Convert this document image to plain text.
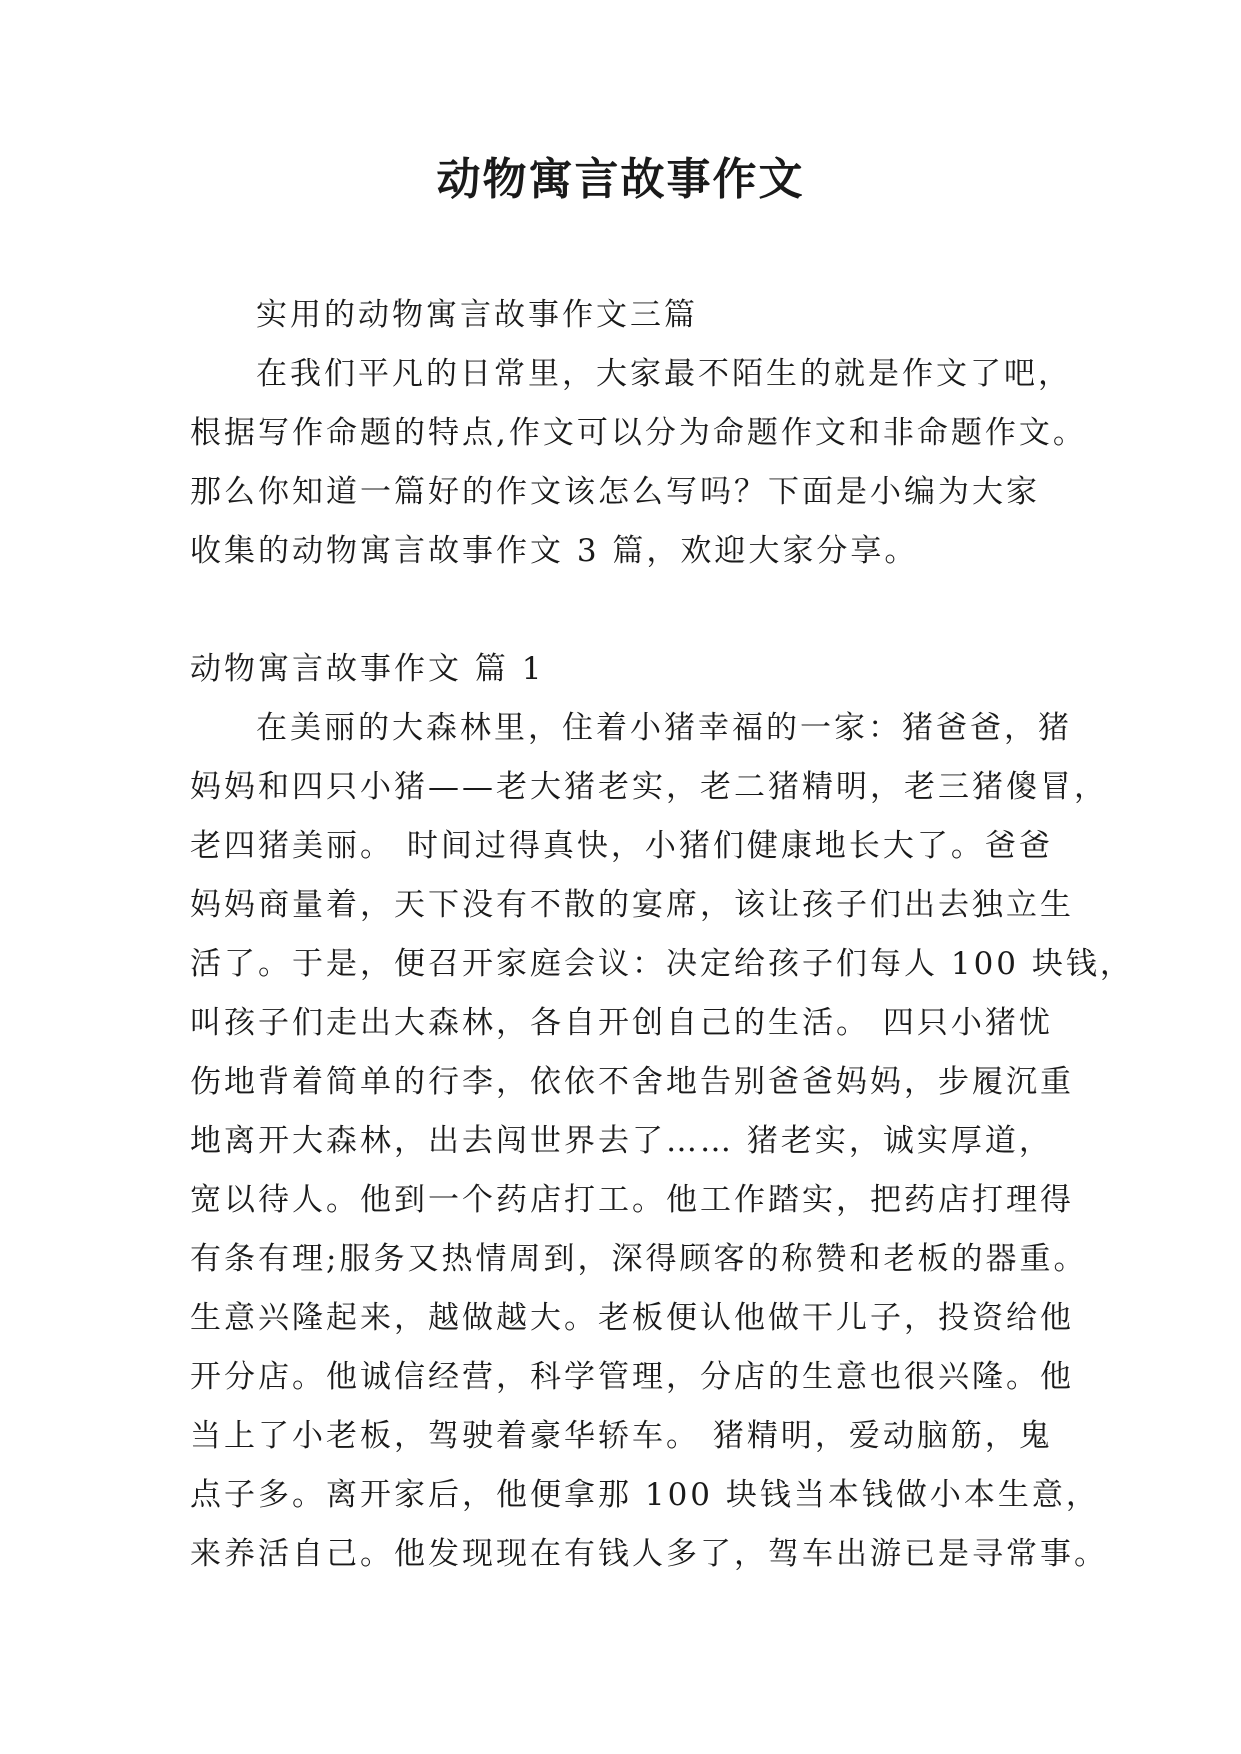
动物寓言故事作文
实用的动物寓言故事作文三篇
在我们平凡的日常里，大家最不陌生的就是作文了吧，
根据写作命题的特点,作文可以分为命题作文和非命题作文。
那么你知道一篇好的作文该怎么写吗？下面是小编为大家
收集的动物寓言故事作文 3 篇，欢迎大家分享。
动物寓言故事作文 篇 1
在美丽的大森林里，住着小猪幸福的一家：猪爸爸，猪
妈妈和四只小猪——老大猪老实，老二猪精明，老三猪傻冒，
老四猪美丽。 时间过得真快，小猪们健康地长大了。爸爸
妈妈商量着，天下没有不散的宴席，该让孩子们出去独立生
活了。于是，便召开家庭会议：决定给孩子们每人 100 块钱，
叫孩子们走出大森林，各自开创自己的生活。 四只小猪忧
伤地背着简单的行李，依依不舍地告别爸爸妈妈，步履沉重
地离开大森林，出去闯世界去了…… 猪老实，诚实厚道，
宽以待人。他到一个药店打工。他工作踏实，把药店打理得
有条有理;服务又热情周到，深得顾客的称赞和老板的器重。
生意兴隆起来，越做越大。老板便认他做干儿子，投资给他
开分店。他诚信经营，科学管理，分店的生意也很兴隆。他
当上了小老板，驾驶着豪华轿车。 猪精明，爱动脑筋，鬼
点子多。离开家后，他便拿那 100 块钱当本钱做小本生意，
来养活自己。他发现现在有钱人多了，驾车出游已是寻常事。
